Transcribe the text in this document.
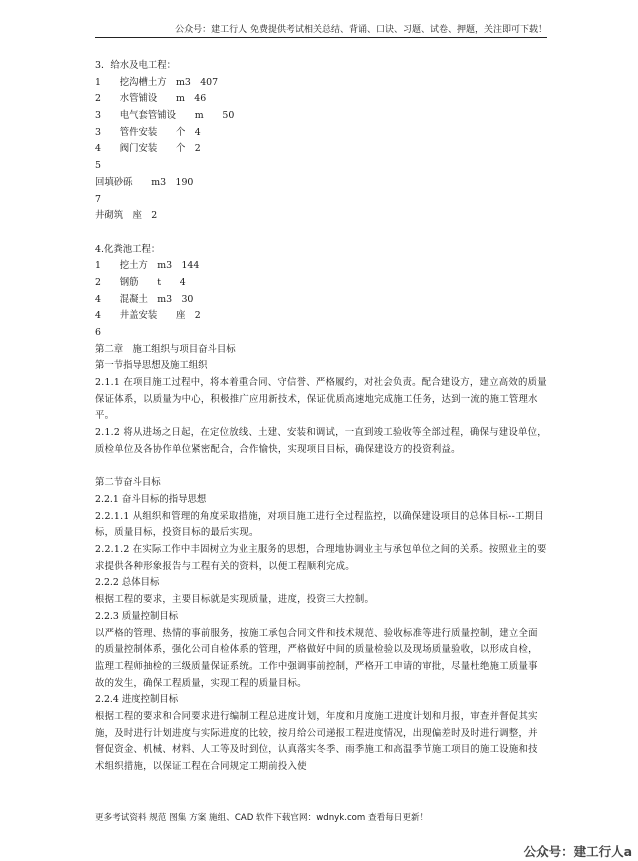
公众号：建工行人 免费提供考试相关总结、背诵、口诀、习题、试卷、押题，关注即可下载！
3．给水及电工程：
1　　挖沟槽土方　m3　407
2　　水管铺设　　m　46
3　　电气套管铺设　　m　　50
3　　管件安装　　个　4
4　　阀门安装　　个　2
5
回填砂砾　　m3　190
7
井砌筑　座　2
4.化粪池工程：
1　　挖土方　m3　144
2　　钢筋　　t　　4
4　　混凝土　m3　30
4　　井盖安装　　座　2
6
第二章　施工组织与项目奋斗目标
第一节指导思想及施工组织
2.1.1 在项目施工过程中，将本着重合同、守信誉、严格履约，对社会负责。配合建设方，建立高效的质量保证体系，以质量为中心，积极推广应用新技术，保证优质高速地完成施工任务，达到一流的施工管理水平。
2.1.2 将从进场之日起，在定位放线、土建、安装和调试，一直到竣工验收等全部过程，确保与建设单位，质检单位及各协作单位紧密配合，合作愉快，实现项目目标，确保建设方的投资利益。
第二节奋斗目标
2.2.1 奋斗目标的指导思想
2.2.1.1 从组织和管理的角度采取措施，对项目施工进行全过程监控，以确保建设项目的总体目标--工期目标，质量目标，投资目标的最后实现。
2.2.1.2 在实际工作中丰固树立为业主服务的思想，合理地协调业主与承包单位之间的关系。按照业主的要求提供各种形象报告与工程有关的资料，以便工程顺利完成。
2.2.2 总体目标
根据工程的要求，主要目标就是实现质量，进度，投资三大控制。
2.2.3 质量控制目标
以严格的管理、热情的事前服务，按施工承包合同文件和技术规范、验收标准等进行质量控制，建立全面的质量控制体系，强化公司自检体系的管理，严格做好中间的质量检验以及现场质量验收，以形成自检，监理工程师抽检的三级质量保证系统。工作中强调事前控制，严格开工申请的审批，尽量杜绝施工质量事故的发生，确保工程质量，实现工程的质量目标。
2.2.4 进度控制目标
根据工程的要求和合同要求进行编制工程总进度计划，年度和月度施工进度计划和月报，审查并督促其实施，及时进行计划进度与实际进度的比较，按月给公司递报工程进度情况，出现偏差时及时进行调整，并督促资金、机械、材料、人工等及时到位，认真落实冬季、雨季施工和高温季节施工项目的施工设施和技术组织措施，以保证工程在合同规定工期前投入使
更多考试资料 规范 图集 方案 施组、CAD 软件下载官网：wdnyk.com 查看每日更新！
公众号：建工行人a
